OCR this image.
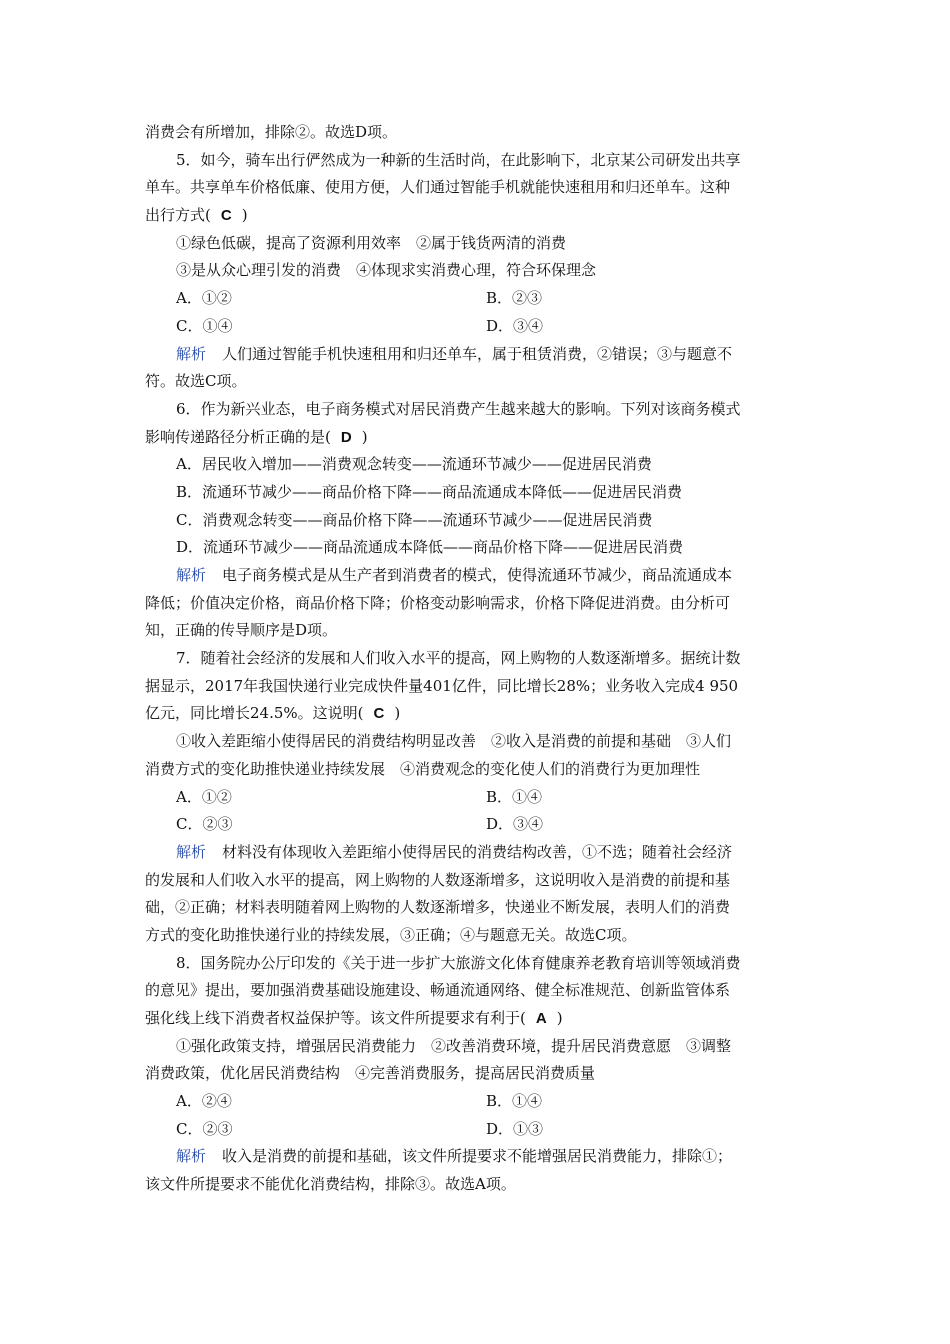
消费会有所增加，排除②。故选D项。
5．如今，骑车出行俨然成为一种新的生活时尚，在此影响下，北京某公司研发出共享
单车。共享单车价格低廉、使用方便，人们通过智能手机就能快速租用和归还单车。这种
出行方式( C )
①绿色低碳，提高了资源利用效率　②属于钱货两清的消费
③是从众心理引发的消费　④体现求实消费心理，符合环保理念
A．①②	B．②③
C．①④	D．③④
解析 人们通过智能手机快速租用和归还单车，属于租赁消费，②错误；③与题意不
符。故选C项。
6．作为新兴业态，电子商务模式对居民消费产生越来越大的影响。下列对该商务模式
影响传递路径分析正确的是( D )
A．居民收入增加——消费观念转变——流通环节减少——促进居民消费
B．流通环节减少——商品价格下降——商品流通成本降低——促进居民消费
C．消费观念转变——商品价格下降——流通环节减少——促进居民消费
D．流通环节减少——商品流通成本降低——商品价格下降——促进居民消费
解析 电子商务模式是从生产者到消费者的模式，使得流通环节减少，商品流通成本
降低；价值决定价格，商品价格下降；价格变动影响需求，价格下降促进消费。由分析可
知，正确的传导顺序是D项。
7．随着社会经济的发展和人们收入水平的提高，网上购物的人数逐渐增多。据统计数
据显示，2017年我国快递行业完成快件量401亿件，同比增长28%；业务收入完成4 950
亿元，同比增长24.5%。这说明( C )
①收入差距缩小使得居民的消费结构明显改善　②收入是消费的前提和基础　③人们
消费方式的变化助推快递业持续发展　④消费观念的变化使人们的消费行为更加理性
A．①②	B．①④
C．②③	D．③④
解析 材料没有体现收入差距缩小使得居民的消费结构改善，①不选；随着社会经济
的发展和人们收入水平的提高，网上购物的人数逐渐增多，这说明收入是消费的前提和基
础，②正确；材料表明随着网上购物的人数逐渐增多，快递业不断发展，表明人们的消费
方式的变化助推快递行业的持续发展，③正确；④与题意无关。故选C项。
8．国务院办公厅印发的《关于进一步扩大旅游文化体育健康养老教育培训等领域消费
的意见》提出，要加强消费基础设施建设、畅通流通网络、健全标准规范、创新监管体系
强化线上线下消费者权益保护等。该文件所提要求有利于( A )
①强化政策支持，增强居民消费能力　②改善消费环境，提升居民消费意愿　③调整
消费政策，优化居民消费结构　④完善消费服务，提高居民消费质量
A．②④	B．①④
C．②③	D．①③
解析 收入是消费的前提和基础，该文件所提要求不能增强居民消费能力，排除①；
该文件所提要求不能优化消费结构，排除③。故选A项。
